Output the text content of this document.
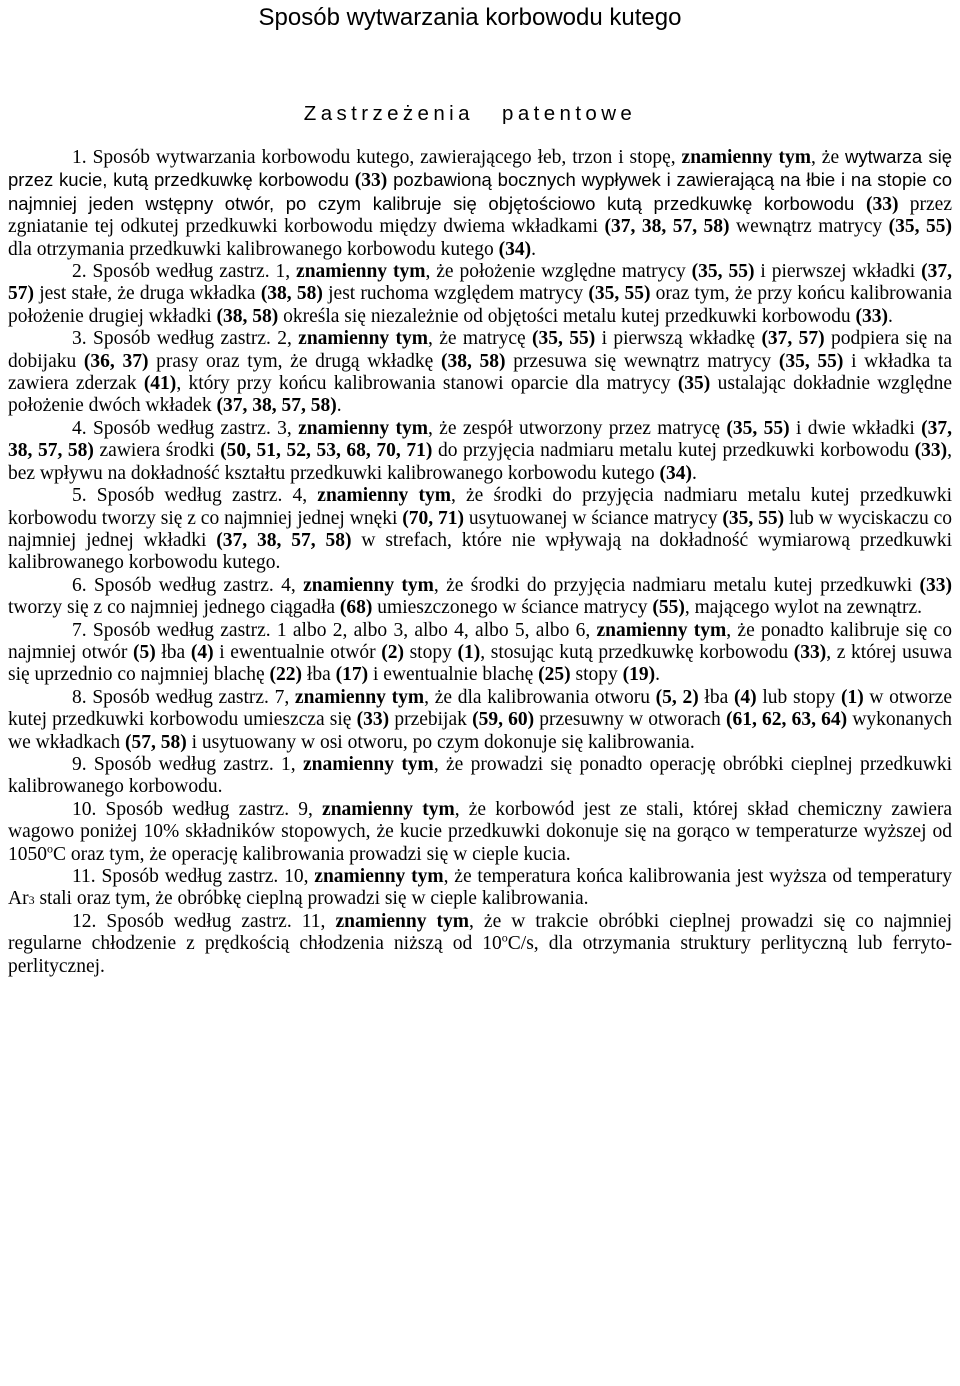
Sposób wytwarzania korbowodu kutego
Zastrzeżenia patentowe

1. Sposób wytwarzania korbowodu kutego, zawierającego łeb, trzon i stopę, znamienny tym, że wytwarza się przez kucie, kutą przedkuwkę korbowodu (33) pozbawioną bocznych wypływek i zawierającą na łbie i na stopie co najmniej jeden wstępny otwór, po czym kalibruje się objętościowo kutą przedkuwkę korbowodu (33) przez zgniatanie tej odkutej przedkuwki korbowodu między dwiema wkładkami (37, 38, 57, 58) wewnątrz matrycy (35, 55) dla otrzymania przedkuwki kalibrowanego korbowodu kutego (34).

2. Sposób według zastrz. 1, znamienny tym, że położenie względne matrycy (35, 55) i pierwszej wkładki (37, 57) jest stałe, że druga wkładka (38, 58) jest ruchoma względem matrycy (35, 55) oraz tym, że przy końcu kalibrowania położenie drugiej wkładki (38, 58) określa się niezależnie od objętości metalu kutej przedkuwki korbowodu (33).

3. Sposób według zastrz. 2, znamienny tym, że matrycę (35, 55) i pierwszą wkładkę (37, 57) podpiera się na dobijaku (36, 37) prasy oraz tym, że drugą wkładkę (38, 58) przesuwa się wewnątrz matrycy (35, 55) i wkładka ta zawiera zderzak (41), który przy końcu kalibrowania stanowi oparcie dla matrycy (35) ustalając dokładnie względne położenie dwóch wkładek (37, 38, 57, 58).

4. Sposób według zastrz. 3, znamienny tym, że zespół utworzony przez matrycę (35, 55) i dwie wkładki (37, 38, 57, 58) zawiera środki (50, 51, 52, 53, 68, 70, 71) do przyjęcia nadmiaru metalu kutej przedkuwki korbowodu (33), bez wpływu na dokładność kształtu przedkuwki kalibrowanego korbowodu kutego (34).

5. Sposób według zastrz. 4, znamienny tym, że środki do przyjęcia nadmiaru metalu kutej przedkuwki korbowodu tworzy się z co najmniej jednej wnęki (70, 71) usytuowanej w ściance matrycy (35, 55) lub w wyciskaczu co najmniej jednej wkładki (37, 38, 57, 58) w strefach, które nie wpływają na dokładność wymiarową przedkuwki kalibrowanego korbowodu kutego.

6. Sposób według zastrz. 4, znamienny tym, że środki do przyjęcia nadmiaru metalu kutej przedkuwki (33) tworzy się z co najmniej jednego ciągadła (68) umieszczonego w ściance matrycy (55), mającego wylot na zewnątrz.

7. Sposób według zastrz. 1 albo 2, albo 3, albo 4, albo 5, albo 6, znamienny tym, że ponadto kalibruje się co najmniej otwór (5) łba (4) i ewentualnie otwór (2) stopy (1), stosując kutą przedkuwkę korbowodu (33), z której usuwa się uprzednio co najmniej blachę (22) łba (17) i ewentualnie blachę (25) stopy (19).

8. Sposób według zastrz. 7, znamienny tym, że dla kalibrowania otworu (5, 2) łba (4) lub stopy (1) w otworze kutej przedkuwki korbowodu umieszcza się (33) przebijak (59, 60) przesuwny w otworach (61, 62, 63, 64) wykonanych we wkładkach (57, 58) i usytuowany w osi otworu, po czym dokonuje się kalibrowania.

9. Sposób według zastrz. 1, znamienny tym, że prowadzi się ponadto operację obróbki cieplnej przedkuwki kalibrowanego korbowodu.

10. Sposób według zastrz. 9, znamienny tym, że korbowód jest ze stali, której skład chemiczny zawiera wagowo poniżej 10% składników stopowych, że kucie przedkuwki dokonuje się na gorąco w temperaturze wyższej od 1050$^o$C oraz tym, że operację kalibrowania prowadzi się w cieple kucia.

11. Sposób według zastrz. 10, znamienny tym, że temperatura końca kalibrowania jest wyższa od temperatury Ar3 stali oraz tym, że obróbkę cieplną prowadzi się w cieple kalibrowania.

12. Sposób według zastrz. 11, znamienny tym, że w trakcie obróbki cieplnej prowadzi się co najmniej regularne chłodzenie z prędkością chłodzenia niższą od 10$^o$C/s, dla otrzymania struktury perlityczną lub ferryto-perlitycznej.
